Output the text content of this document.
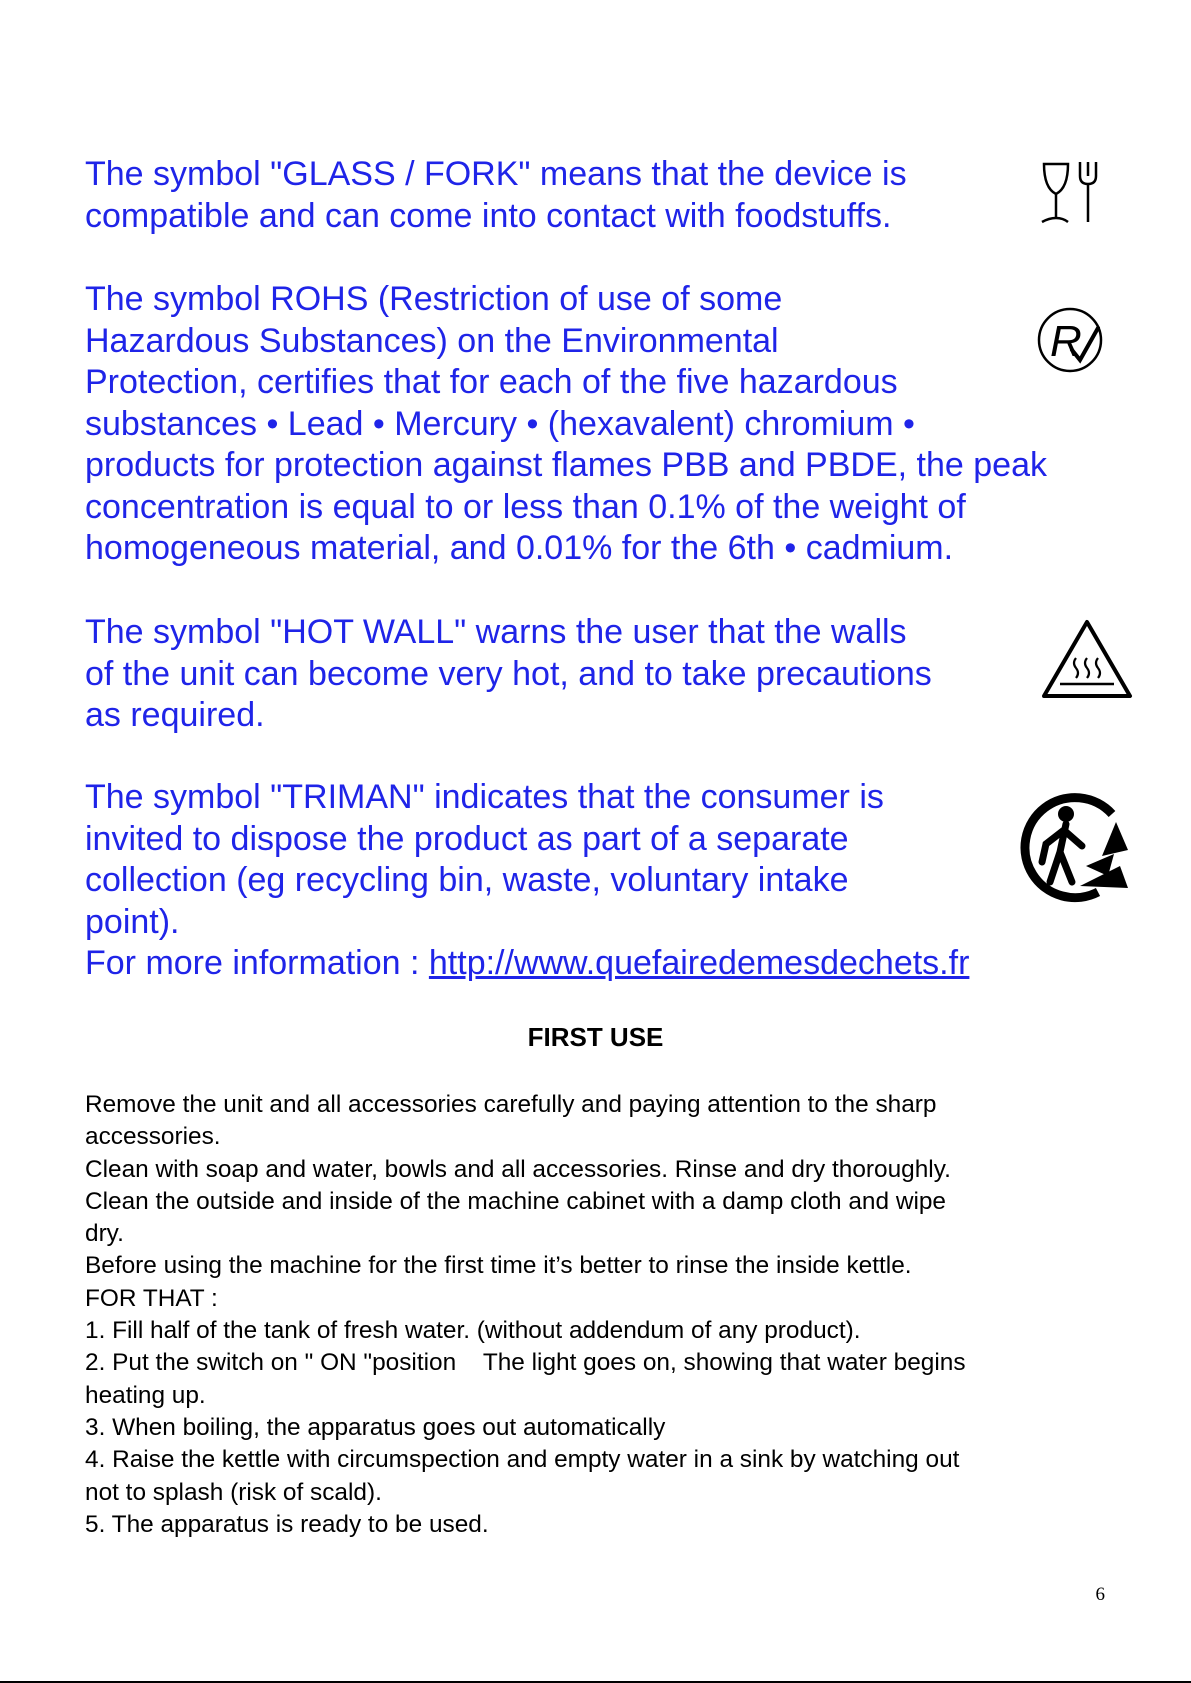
The symbol "GLASS / FORK" means that the device is

compatible and can come into contact with foodstuffs.

The symbol ROHS (Restriction of use of some

Hazardous Substances) on the Environmental

Protection, certifies that for each of the five hazardous

substances • Lead • Mercury • (hexavalent) chromium •

products for protection against flames PBB and PBDE, the peak

concentration is equal to or less than 0.1% of the weight of

homogeneous material, and 0.01% for the 6th • cadmium.

R

The symbol "HOT WALL" warns the user that the walls

of the unit can become very hot, and to take precautions

as required.

The symbol "TRIMAN" indicates that the consumer is

invited to dispose the product as part of a separate

collection (eg recycling bin, waste, voluntary intake

point).

For more information : http://www.quefairedemesdechets.fr

FIRST USE

Remove the unit and all accessories carefully and paying attention to the sharp

accessories.

Clean with soap and water, bowls and all accessories. Rinse and dry thoroughly.

Clean the outside and inside of the machine cabinet with a damp cloth and wipe

dry.

Before using the machine for the first time it’s better to rinse the inside kettle.

FOR THAT :

1. Fill half of the tank of fresh water. (without addendum of any product).

2. Put the switch on " ON "position    The light goes on, showing that water begins

heating up.

3. When boiling, the apparatus goes out automatically

4. Raise the kettle with circumspection and empty water in a sink by watching out

not to splash (risk of scald).

5. The apparatus is ready to be used.

6
